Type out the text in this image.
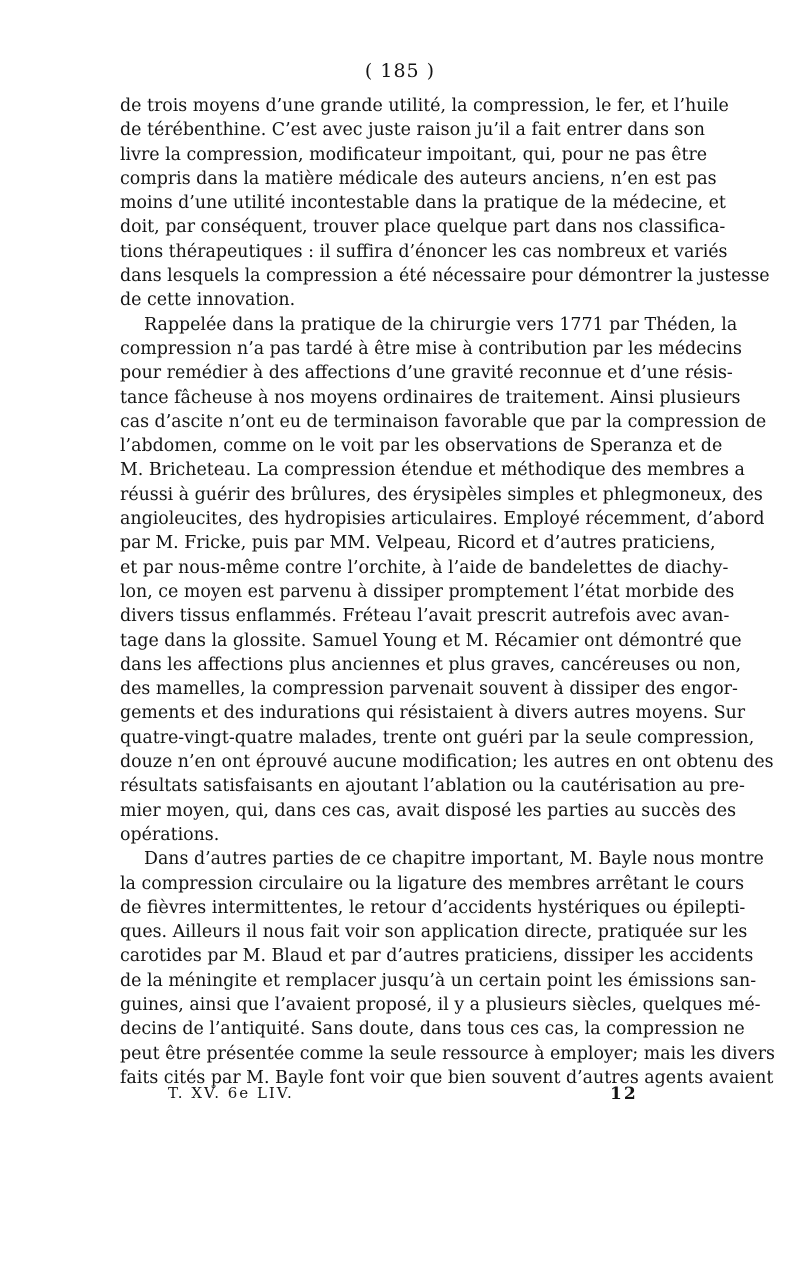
( 185 )
de trois moyens d’une grande utilité, la compression, le fer, et l’huile
de térébenthine. C’est avec juste raison ju’il a fait entrer dans son
livre la compression, modificateur impoitant, qui, pour ne pas être
compris dans la matière médicale des auteurs anciens, n’en est pas
moins d’une utilité incontestable dans la pratique de la médecine, et
doit, par conséquent, trouver place quelque part dans nos classifica-
tions thérapeutiques : il suffira d’énoncer les cas nombreux et variés
dans lesquels la compression a été nécessaire pour démontrer la justesse
de cette innovation.
Rappelée dans la pratique de la chirurgie vers 1771 par Théden, la
compression n’a pas tardé à être mise à contribution par les médecins
pour remédier à des affections d’une gravité reconnue et d’une résis-
tance fâcheuse à nos moyens ordinaires de traitement. Ainsi plusieurs
cas d’ascite n’ont eu de terminaison favorable que par la compression de
l’abdomen, comme on le voit par les observations de Speranza et de
M. Bricheteau. La compression étendue et méthodique des membres a
réussi à guérir des brûlures, des érysipèles simples et phlegmoneux, des
angioleucites, des hydropisies articulaires. Employé récemment, d’abord
par M. Fricke, puis par MM. Velpeau, Ricord et d’autres praticiens,
et par nous-même contre l’orchite, à l’aide de bandelettes de diachy-
lon, ce moyen est parvenu à dissiper promptement l’état morbide des
divers tissus enflammés. Fréteau l’avait prescrit autrefois avec avan-
tage dans la glossite. Samuel Young et M. Récamier ont démontré que
dans les affections plus anciennes et plus graves, cancéreuses ou non,
des mamelles, la compression parvenait souvent à dissiper des engor-
gements et des indurations qui résistaient à divers autres moyens. Sur
quatre-vingt-quatre malades, trente ont guéri par la seule compression,
douze n’en ont éprouvé aucune modification; les autres en ont obtenu des
résultats satisfaisants en ajoutant l’ablation ou la cautérisation au pre-
mier moyen, qui, dans ces cas, avait disposé les parties au succès des
opérations.
Dans d’autres parties de ce chapitre important, M. Bayle nous montre
la compression circulaire ou la ligature des membres arrêtant le cours
de fièvres intermittentes, le retour d’accidents hystériques ou épilepti-
ques. Ailleurs il nous fait voir son application directe, pratiquée sur les
carotides par M. Blaud et par d’autres praticiens, dissiper les accidents
de la méningite et remplacer jusqu’à un certain point les émissions san-
guines, ainsi que l’avaient proposé, il y a plusieurs siècles, quelques mé-
decins de l’antiquité. Sans doute, dans tous ces cas, la compression ne
peut être présentée comme la seule ressource à employer; mais les divers
faits cités par M. Bayle font voir que bien souvent d’autres agents avaient
T. XV. 6e LIV.	12
